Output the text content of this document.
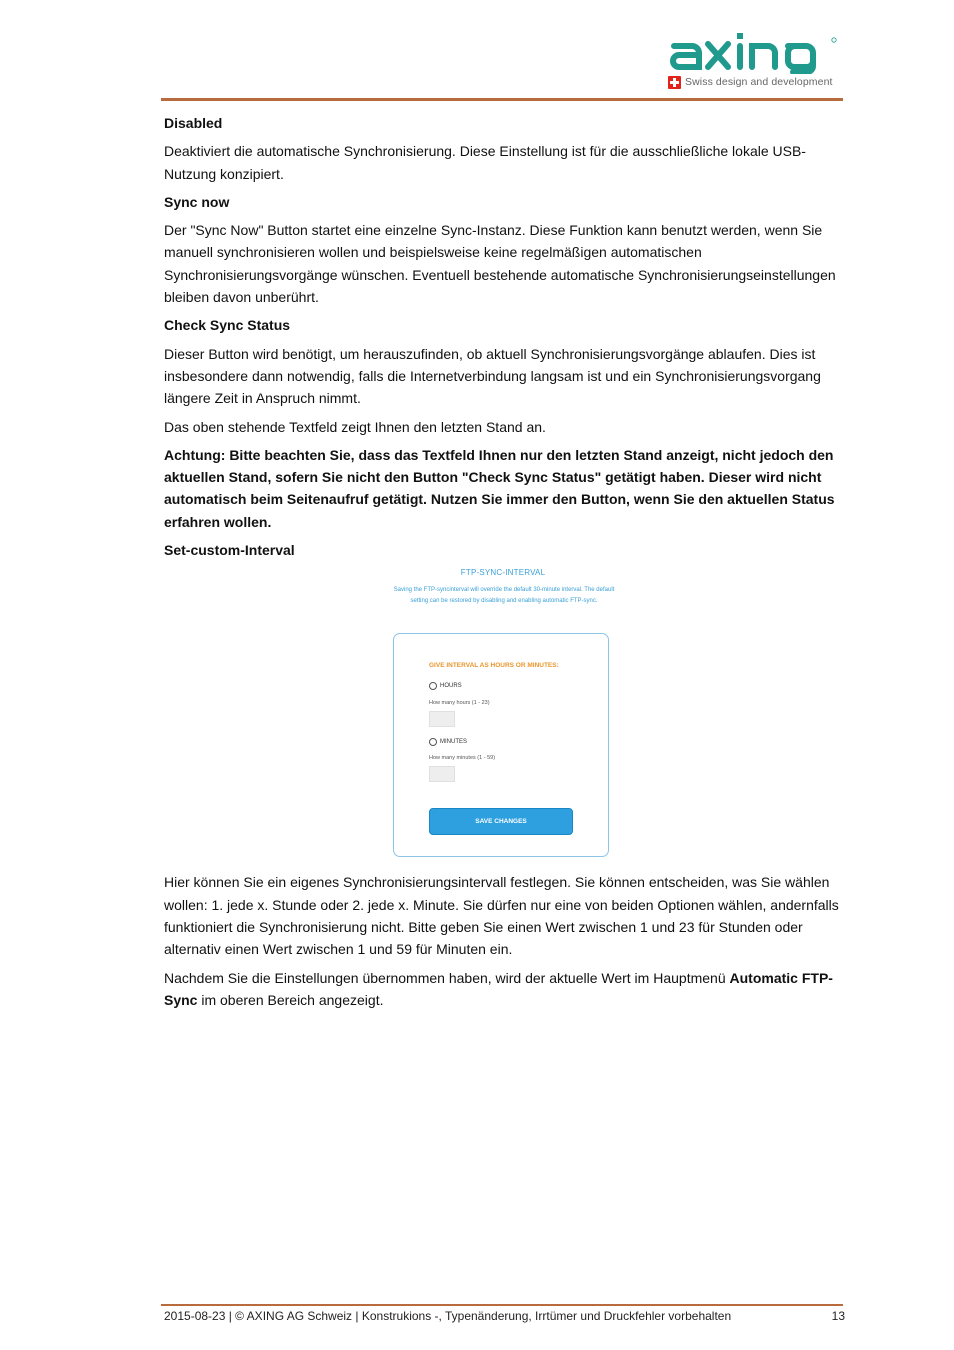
Swiss design and development

Disabled

Deaktiviert die automatische Synchronisierung. Diese Einstellung ist für die ausschließliche lokale USB-Nutzung konzipiert.

Sync now

Der "Sync Now" Button startet eine einzelne Sync-Instanz. Diese Funktion kann benutzt werden, wenn Sie manuell synchronisieren wollen und beispielsweise keine regelmäßigen automatischen Synchronisierungsvorgänge wünschen. Eventuell bestehende automatische Synchronisierungseinstellungen bleiben davon unberührt.

Check Sync Status

Dieser Button wird benötigt, um herauszufinden, ob aktuell Synchronisierungsvorgänge ablaufen. Dies ist insbesondere dann notwendig, falls die Internetverbindung langsam ist und ein Synchronisierungsvorgang längere Zeit in Anspruch nimmt.

Das oben stehende Textfeld zeigt Ihnen den letzten Stand an.

Achtung: Bitte beachten Sie, dass das Textfeld Ihnen nur den letzten Stand anzeigt, nicht jedoch den aktuellen Stand, sofern Sie nicht den Button "Check Sync Status" getätigt haben. Dieser wird nicht automatisch beim Seitenaufruf getätigt. Nutzen Sie immer den Button, wenn Sie den aktuellen Status erfahren wollen.

Set-custom-Interval

FTP-SYNC-INTERVAL
Saving the FTP-syncinterval will override the default 30-minute interval. The default setting can be restored by disabling and enabling automatic FTP-sync.
GIVE INTERVAL AS HOURS OR MINUTES:
HOURS
How many hours (1 - 23)
MINUTES
How many minutes (1 - 59)
SAVE CHANGES

Hier können Sie ein eigenes Synchronisierungsintervall festlegen. Sie können entscheiden, was Sie wählen wollen: 1. jede x. Stunde oder 2. jede x. Minute. Sie dürfen nur eine von beiden Optionen wählen, andernfalls funktioniert die Synchronisierung nicht. Bitte geben Sie einen Wert zwischen 1 und 23 für Stunden oder alternativ einen Wert zwischen 1 und 59 für Minuten ein.

Nachdem Sie die Einstellungen übernommen haben, wird der aktuelle Wert im Hauptmenü Automatic FTP-Sync im oberen Bereich angezeigt.

2015-08-23 | © AXING AG Schweiz | Konstrukions -, Typenänderung, Irrtümer und Druckfehler vorbehalten	13
